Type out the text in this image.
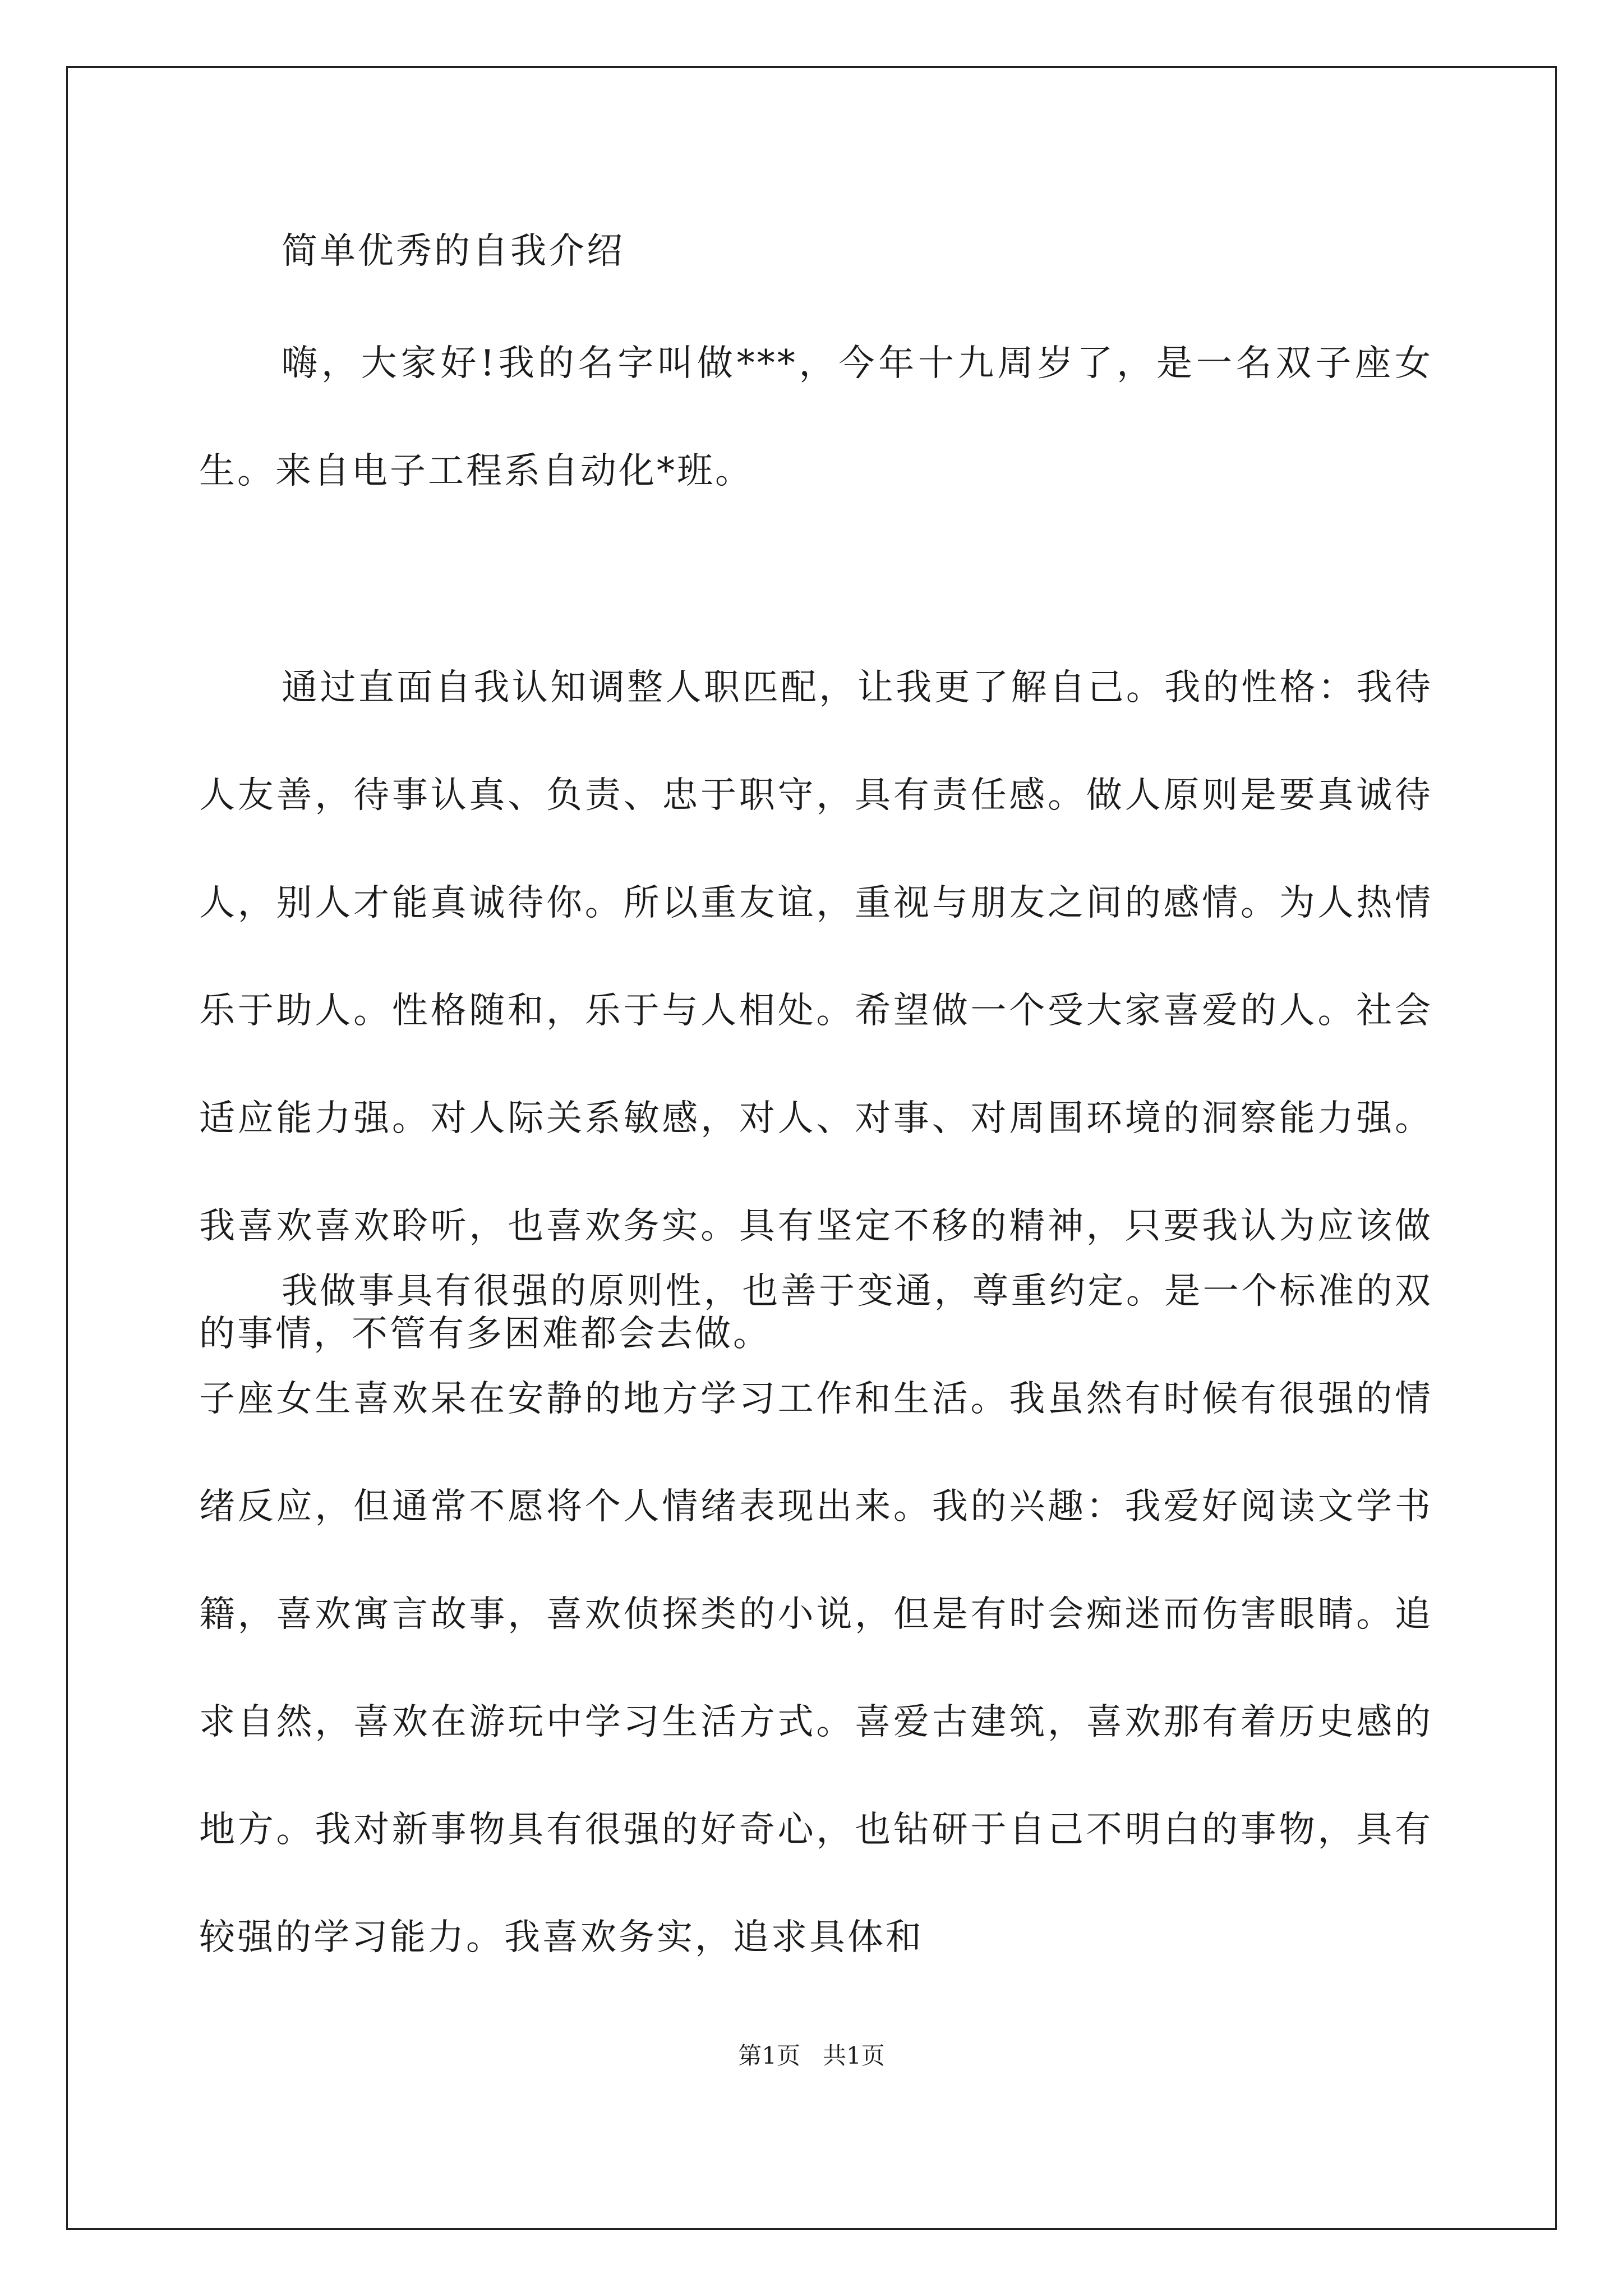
简单优秀的自我介绍

嗨，大家好!我的名字叫做***，今年十九周岁了，是一名双子座女生。来自电子工程系自动化*班。

通过直面自我认知调整人职匹配，让我更了解自己。我的性格：我待人友善，待事认真、负责、忠于职守，具有责任感。做人原则是要真诚待人，别人才能真诚待你。所以重友谊，重视与朋友之间的感情。为人热情乐于助人。性格随和，乐于与人相处。希望做一个受大家喜爱的人。社会适应能力强。对人际关系敏感，对人、对事、对周围环境的洞察能力强。我喜欢喜欢聆听，也喜欢务实。具有坚定不移的精神，只要我认为应该做的事情，不管有多困难都会去做。

我做事具有很强的原则性，也善于变通，尊重约定。是一个标准的双子座女生喜欢呆在安静的地方学习工作和生活。我虽然有时候有很强的情绪反应，但通常不愿将个人情绪表现出来。我的兴趣：我爱好阅读文学书籍，喜欢寓言故事，喜欢侦探类的小说，但是有时会痴迷而伤害眼睛。追求自然，喜欢在游玩中学习生活方式。喜爱古建筑，喜欢那有着历史感的地方。我对新事物具有很强的好奇心，也钻研于自己不明白的事物，具有较强的学习能力。我喜欢务实，追求具体和

第1页   共1页
